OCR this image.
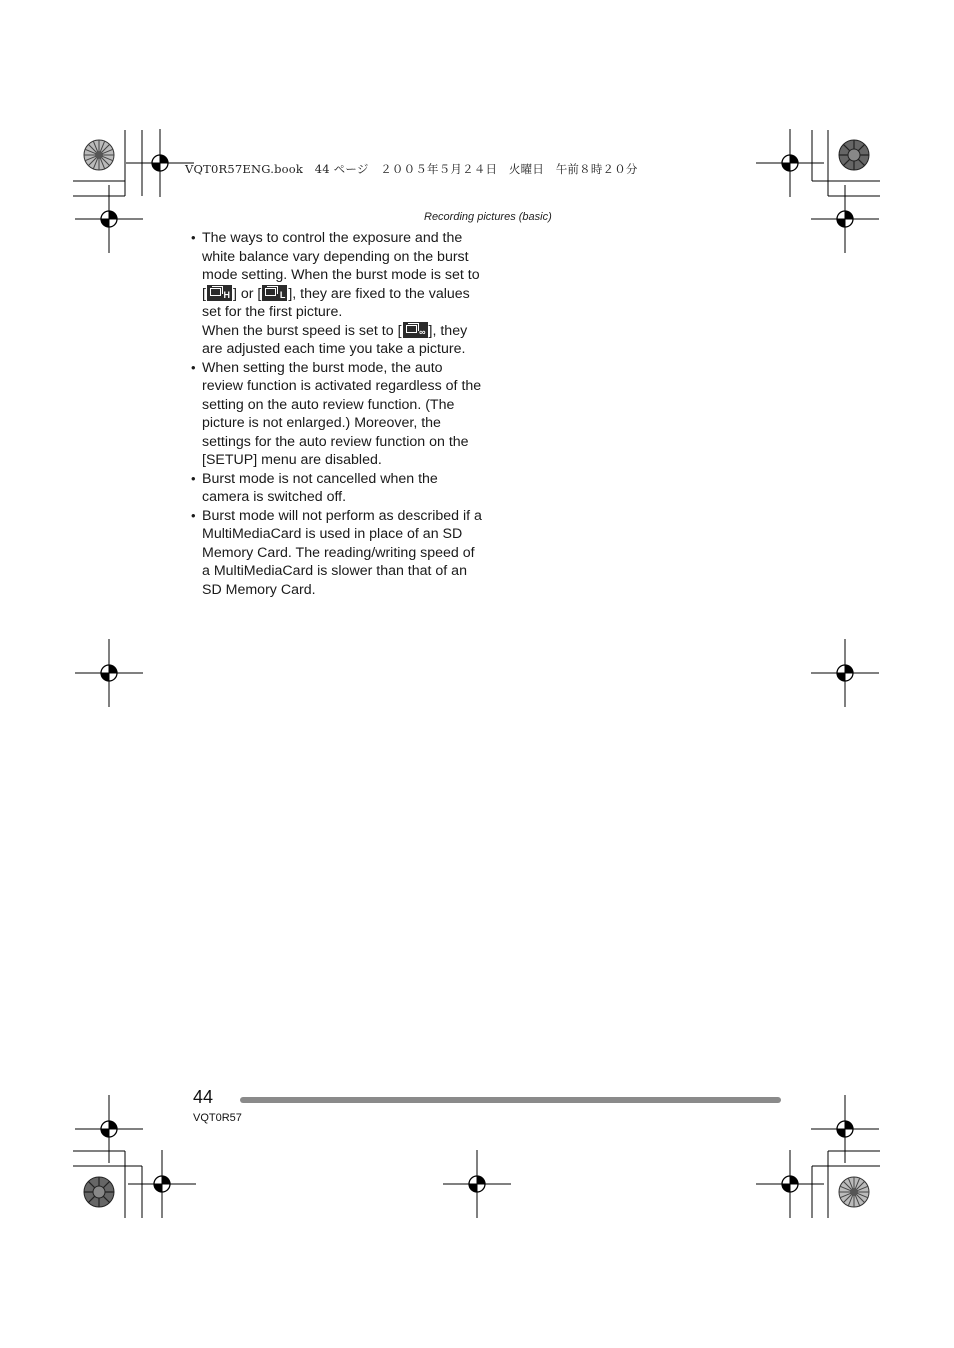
VQT0R57ENG.book　44 ページ　２００５年５月２４日　火曜日　午前８時２０分
Recording pictures (basic)
• The ways to control the exposure and the white balance vary depending on the burst mode setting. When the burst mode is set to [ H ] or [ L ], they are fixed to the values set for the first picture.
When the burst speed is set to [ ∞ ], they are adjusted each time you take a picture.
• When setting the burst mode, the auto review function is activated regardless of the setting on the auto review function. (The picture is not enlarged.) Moreover, the settings for the auto review function on the [SETUP] menu are disabled.
• Burst mode is not cancelled when the camera is switched off.
• Burst mode will not perform as described if a MultiMediaCard is used in place of an SD Memory Card. The reading/writing speed of a MultiMediaCard is slower than that of an SD Memory Card.
44
VQT0R57
